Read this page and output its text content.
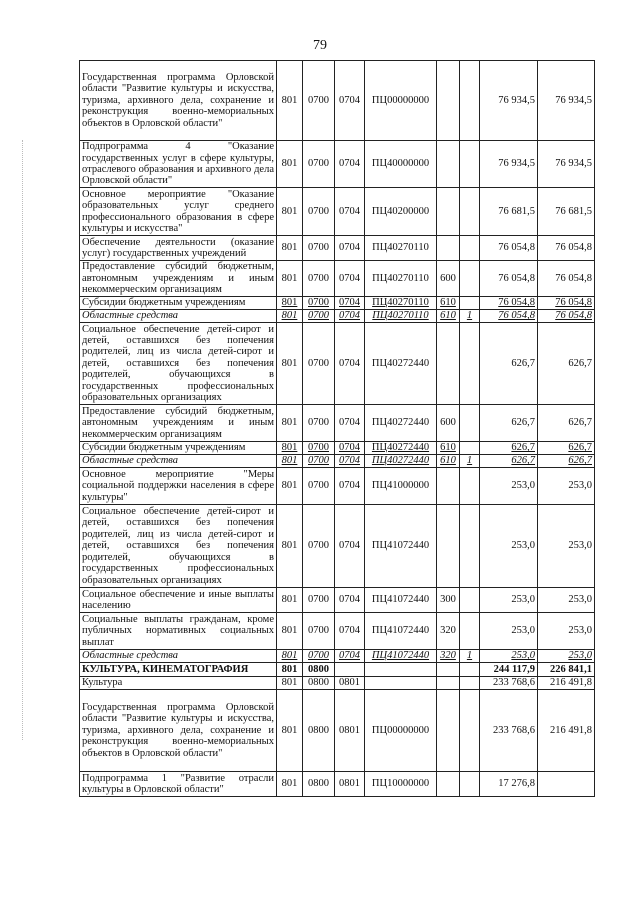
79
Государственная программа Орловской области "Развитие культуры и искусства, туризма, архивного дела, сохранение и реконструкция военно-мемориальных объектов в Орловской области"	801	0700	0704	ПЦ00000000			76 934,5	76 934,5
Подпрограмма 4 "Оказание государственных услуг в сфере культуры, отраслевого образования и архивного дела Орловской области"	801	0700	0704	ПЦ40000000			76 934,5	76 934,5
Основное мероприятие "Оказание образовательных услуг среднего профессионального образования в сфере культуры и искусства"	801	0700	0704	ПЦ40200000			76 681,5	76 681,5
Обеспечение деятельности (оказание услуг) государственных учреждений	801	0700	0704	ПЦ40270110			76 054,8	76 054,8
Предоставление субсидий бюджетным, автономным учреждениям и иным некоммерческим организациям	801	0700	0704	ПЦ40270110	600		76 054,8	76 054,8
Субсидии бюджетным учреждениям	801	0700	0704	ПЦ40270110	610		76 054,8	76 054,8
Областные средства	801	0700	0704	ПЦ40270110	610	1	76 054,8	76 054,8
Социальное обеспечение детей-сирот и детей, оставшихся без попечения родителей, лиц из числа детей-сирот и детей, оставшихся без попечения родителей, обучающихся в государственных профессиональных образовательных организациях	801	0700	0704	ПЦ40272440			626,7	626,7
Предоставление субсидий бюджетным, автономным учреждениям и иным некоммерческим организациям	801	0700	0704	ПЦ40272440	600		626,7	626,7
Субсидии бюджетным учреждениям	801	0700	0704	ПЦ40272440	610		626,7	626,7
Областные средства	801	0700	0704	ПЦ40272440	610	1	626,7	626,7
Основное мероприятие "Меры социальной поддержки населения в сфере культуры"	801	0700	0704	ПЦ41000000			253,0	253,0
Социальное обеспечение детей-сирот и детей, оставшихся без попечения родителей, лиц из числа детей-сирот и детей, оставшихся без попечения родителей, обучающихся в государственных профессиональных образовательных организациях	801	0700	0704	ПЦ41072440			253,0	253,0
Социальное обеспечение и иные выплаты населению	801	0700	0704	ПЦ41072440	300		253,0	253,0
Социальные выплаты гражданам, кроме публичных нормативных социальных выплат	801	0700	0704	ПЦ41072440	320		253,0	253,0
Областные средства	801	0700	0704	ПЦ41072440	320	1	253,0	253,0
КУЛЬТУРА, КИНЕМАТОГРАФИЯ	801	0800					244 117,9	226 841,1
Культура	801	0800	0801				233 768,6	216 491,8
Государственная программа Орловской области "Развитие культуры и искусства, туризма, архивного дела, сохранение и реконструкция военно-мемориальных объектов в Орловской области"	801	0800	0801	ПЦ00000000			233 768,6	216 491,8
Подпрограмма 1 "Развитие отрасли культуры в Орловской области"	801	0800	0801	ПЦ10000000			17 276,8	
